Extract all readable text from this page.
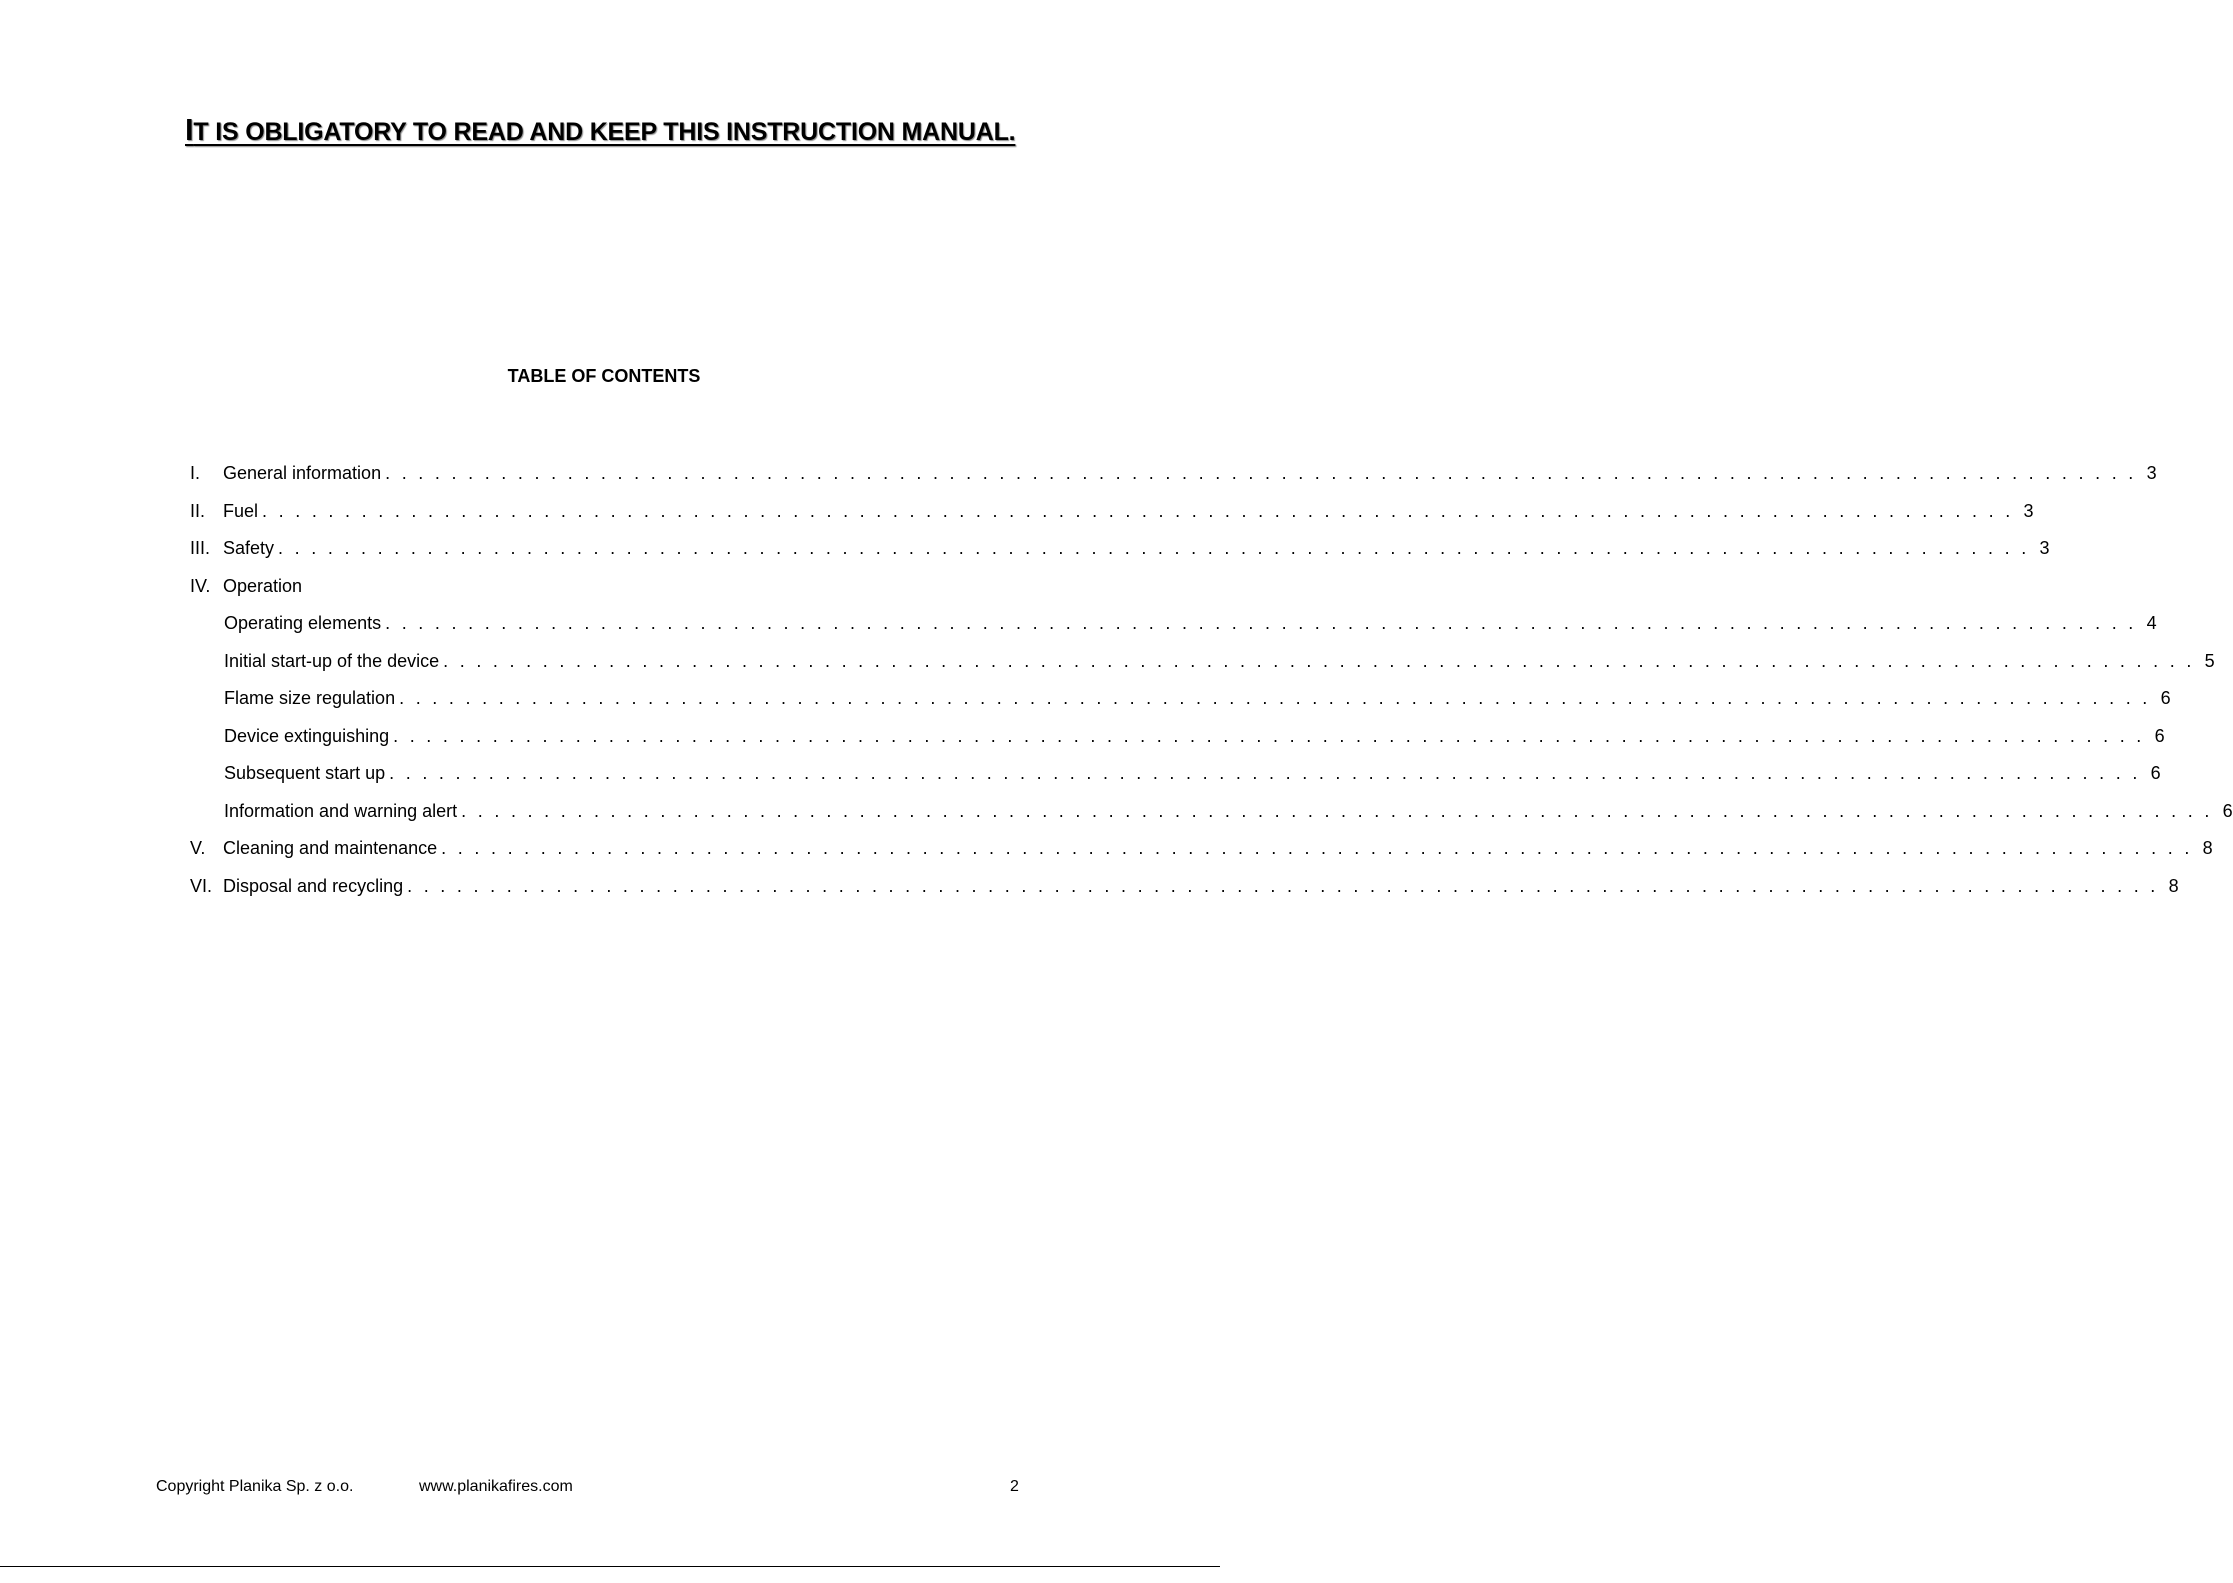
IT IS OBLIGATORY TO READ AND KEEP THIS INSTRUCTION MANUAL.
TABLE OF CONTENTS
I.	General information . . . . . . . . . . . . . . . . . . . . . . . . . . . . . . . . . . . . . . . . . . . . . . . . . . . . . . . . . . . . . . . . . . . . . . . . . . . . . . . . . . . . . . . . . . . . . . . . . . . . . . . . . . 3
II. Fuel . . . . . . . . . . . . . . . . . . . . . . . . . . . . . . . . . . . . . . . . . . . . . . . . . . . . . . . . . . . . . . . . . . . . . . . . . . . . . . . . . . . . . . . . . . . . . . . . . . . . . . . . . . 3
III. Safety . . . . . . . . . . . . . . . . . . . . . . . . . . . . . . . . . . . . . . . . . . . . . . . . . . . . . . . . . . . . . . . . . . . . . . . . . . . . . . . . . . . . . . . . . . . . . . . . . . . . . . . . . . 3
IV. Operation
Operating elements . . . . . . . . . . . . . . . . . . . . . . . . . . . . . . . . . . . . . . . . . . . . . . . . . . . . . . . . . . . . . . . . . . . . . . . . . . . . . . . . . . . . . . . . . . . . . . . . . . . . . . . . . . 4
Initial start-up of the device . . . . . . . . . . . . . . . . . . . . . . . . . . . . . . . . . . . . . . . . . . . . . . . . . . . . . . . . . . . . . . . . . . . . . . . . . . . . . . . . . . . . . . . . . . . . . . . . . . . . . . . . . . 5
Flame size regulation . . . . . . . . . . . . . . . . . . . . . . . . . . . . . . . . . . . . . . . . . . . . . . . . . . . . . . . . . . . . . . . . . . . . . . . . . . . . . . . . . . . . . . . . . . . . . . . . . . . . . . . . . . 6
Device extinguishing . . . . . . . . . . . . . . . . . . . . . . . . . . . . . . . . . . . . . . . . . . . . . . . . . . . . . . . . . . . . . . . . . . . . . . . . . . . . . . . . . . . . . . . . . . . . . . . . . . . . . . . . . . 6
Subsequent start up . . . . . . . . . . . . . . . . . . . . . . . . . . . . . . . . . . . . . . . . . . . . . . . . . . . . . . . . . . . . . . . . . . . . . . . . . . . . . . . . . . . . . . . . . . . . . . . . . . . . . . . . . . 6
Information and warning alert . . . . . . . . . . . . . . . . . . . . . . . . . . . . . . . . . . . . . . . . . . . . . . . . . . . . . . . . . . . . . . . . . . . . . . . . . . . . . . . . . . . . . . . . . . . . . . . . . . . . . . . . . . 6
V. Cleaning and maintenance . . . . . . . . . . . . . . . . . . . . . . . . . . . . . . . . . . . . . . . . . . . . . . . . . . . . . . . . . . . . . . . . . . . . . . . . . . . . . . . . . . . . . . . . . . . . . . . . . . . . . . . . . . 8
VI. Disposal and recycling . . . . . . . . . . . . . . . . . . . . . . . . . . . . . . . . . . . . . . . . . . . . . . . . . . . . . . . . . . . . . . . . . . . . . . . . . . . . . . . . . . . . . . . . . . . . . . . . . . . . . . . . . . 8
Copyright Planika Sp. z o.o.	www.planikafires.com	2
